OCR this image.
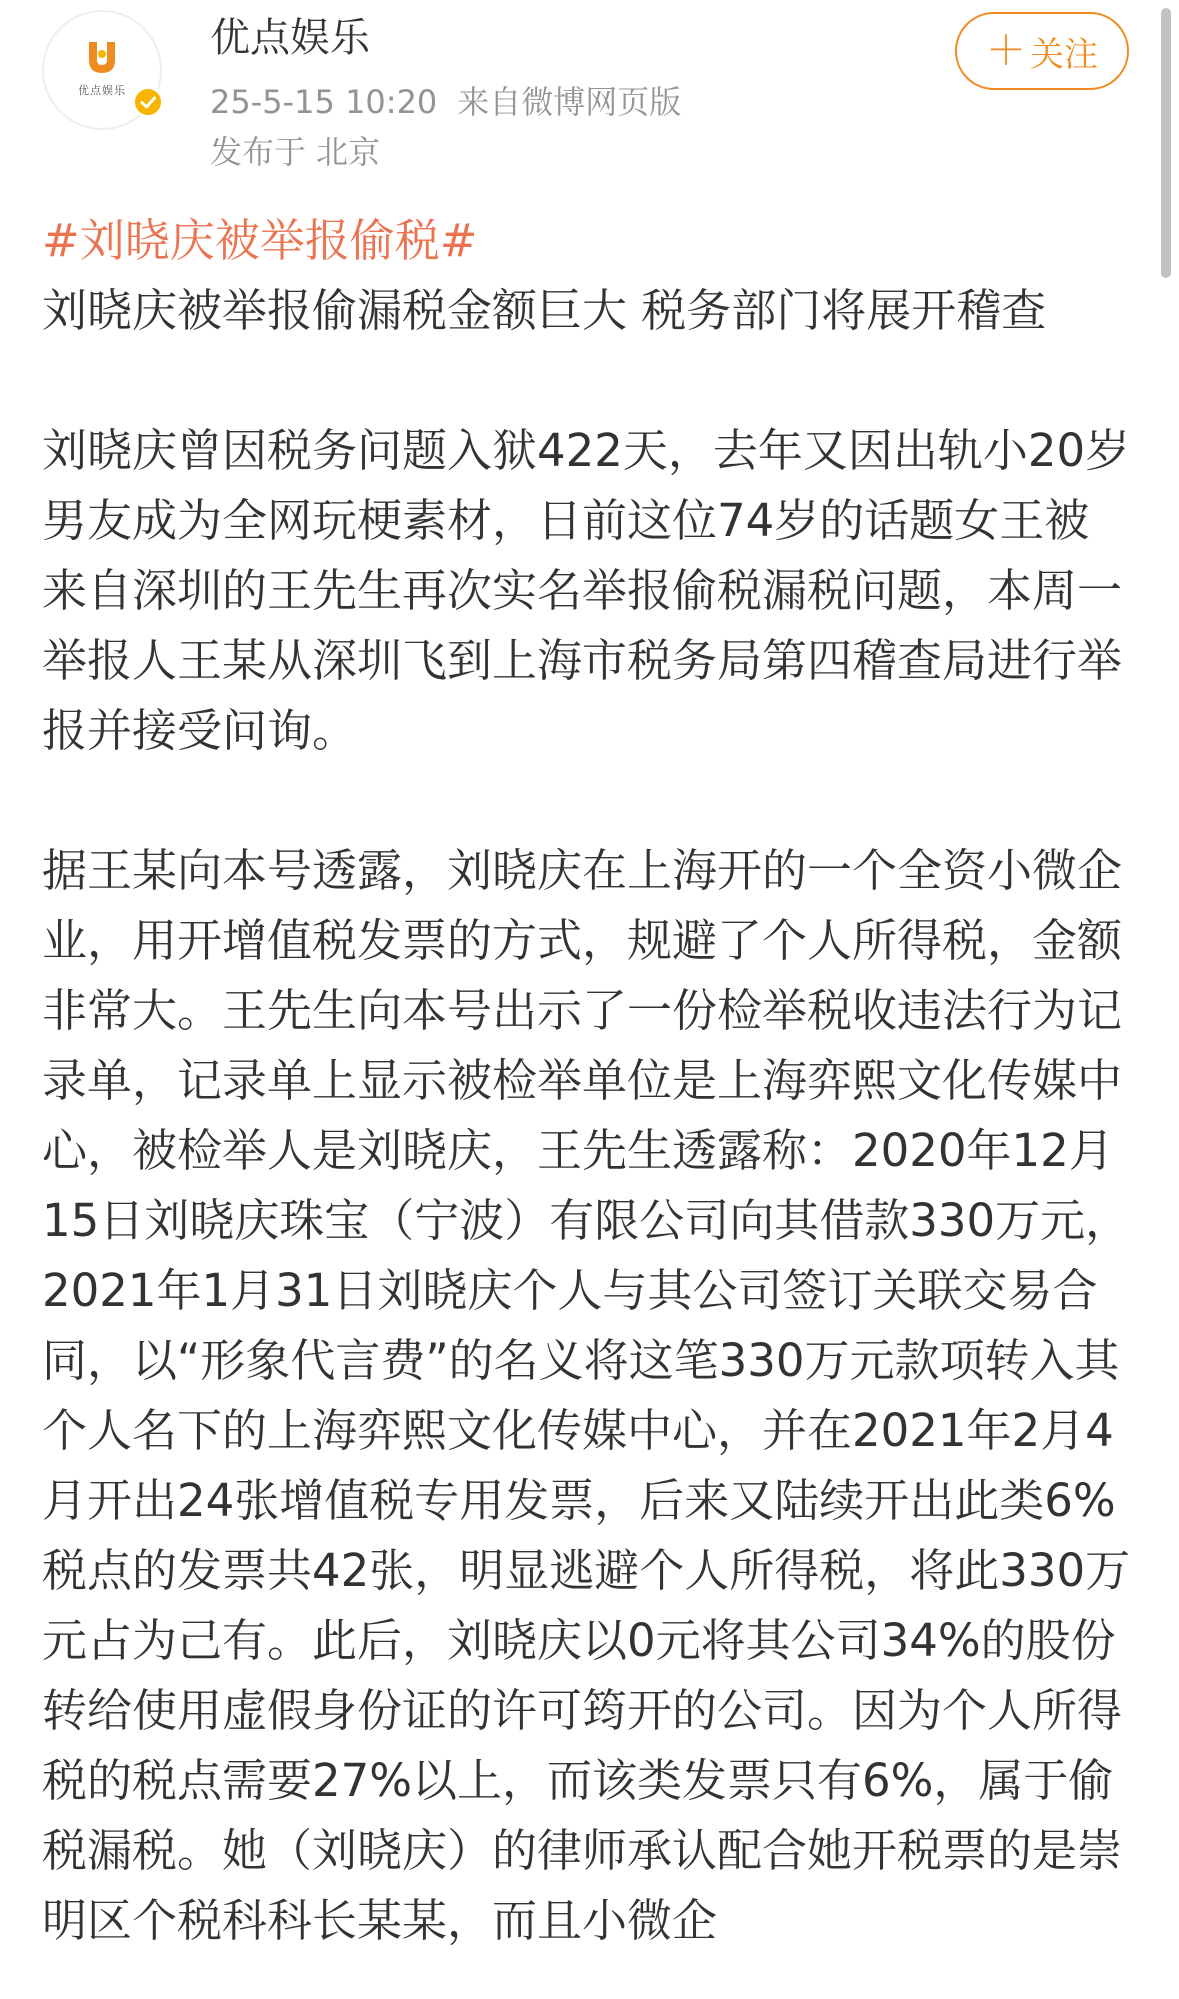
优点娱乐
优点娱乐
25-5-15 10:20 来自微博网页版
发布于 北京
＋ 关注
#刘晓庆被举报偷税#
刘晓庆被举报偷漏税金额巨大 税务部门将展开稽查

刘晓庆曾因税务问题入狱422天，去年又因出轨小20岁男友成为全网玩梗素材，日前这位74岁的话题女王被来自深圳的王先生再次实名举报偷税漏税问题，本周一举报人王某从深圳飞到上海市税务局第四稽查局进行举报并接受问询。

据王某向本号透露，刘晓庆在上海开的一个全资小微企业，用开增值税发票的方式，规避了个人所得税，金额非常大。王先生向本号出示了一份检举税收违法行为记录单，记录单上显示被检举单位是上海弈熙文化传媒中心，被检举人是刘晓庆，王先生透露称：2020年12月15日刘晓庆珠宝（宁波）有限公司向其借款330万元，2021年1月31日刘晓庆个人与其公司签订关联交易合同，以“形象代言费”的名义将这笔330万元款项转入其个人名下的上海弈熙文化传媒中心，并在2021年2月4月开出24张增值税专用发票，后来又陆续开出此类6%税点的发票共42张，明显逃避个人所得税，将此330万元占为己有。此后，刘晓庆以0元将其公司34%的股份转给使用虚假身份证的许可筠开的公司。因为个人所得税的税点需要27%以上，而该类发票只有6%，属于偷税漏税。她（刘晓庆）的律师承认配合她开税票的是崇明区个税科科长某某，而且小微企
